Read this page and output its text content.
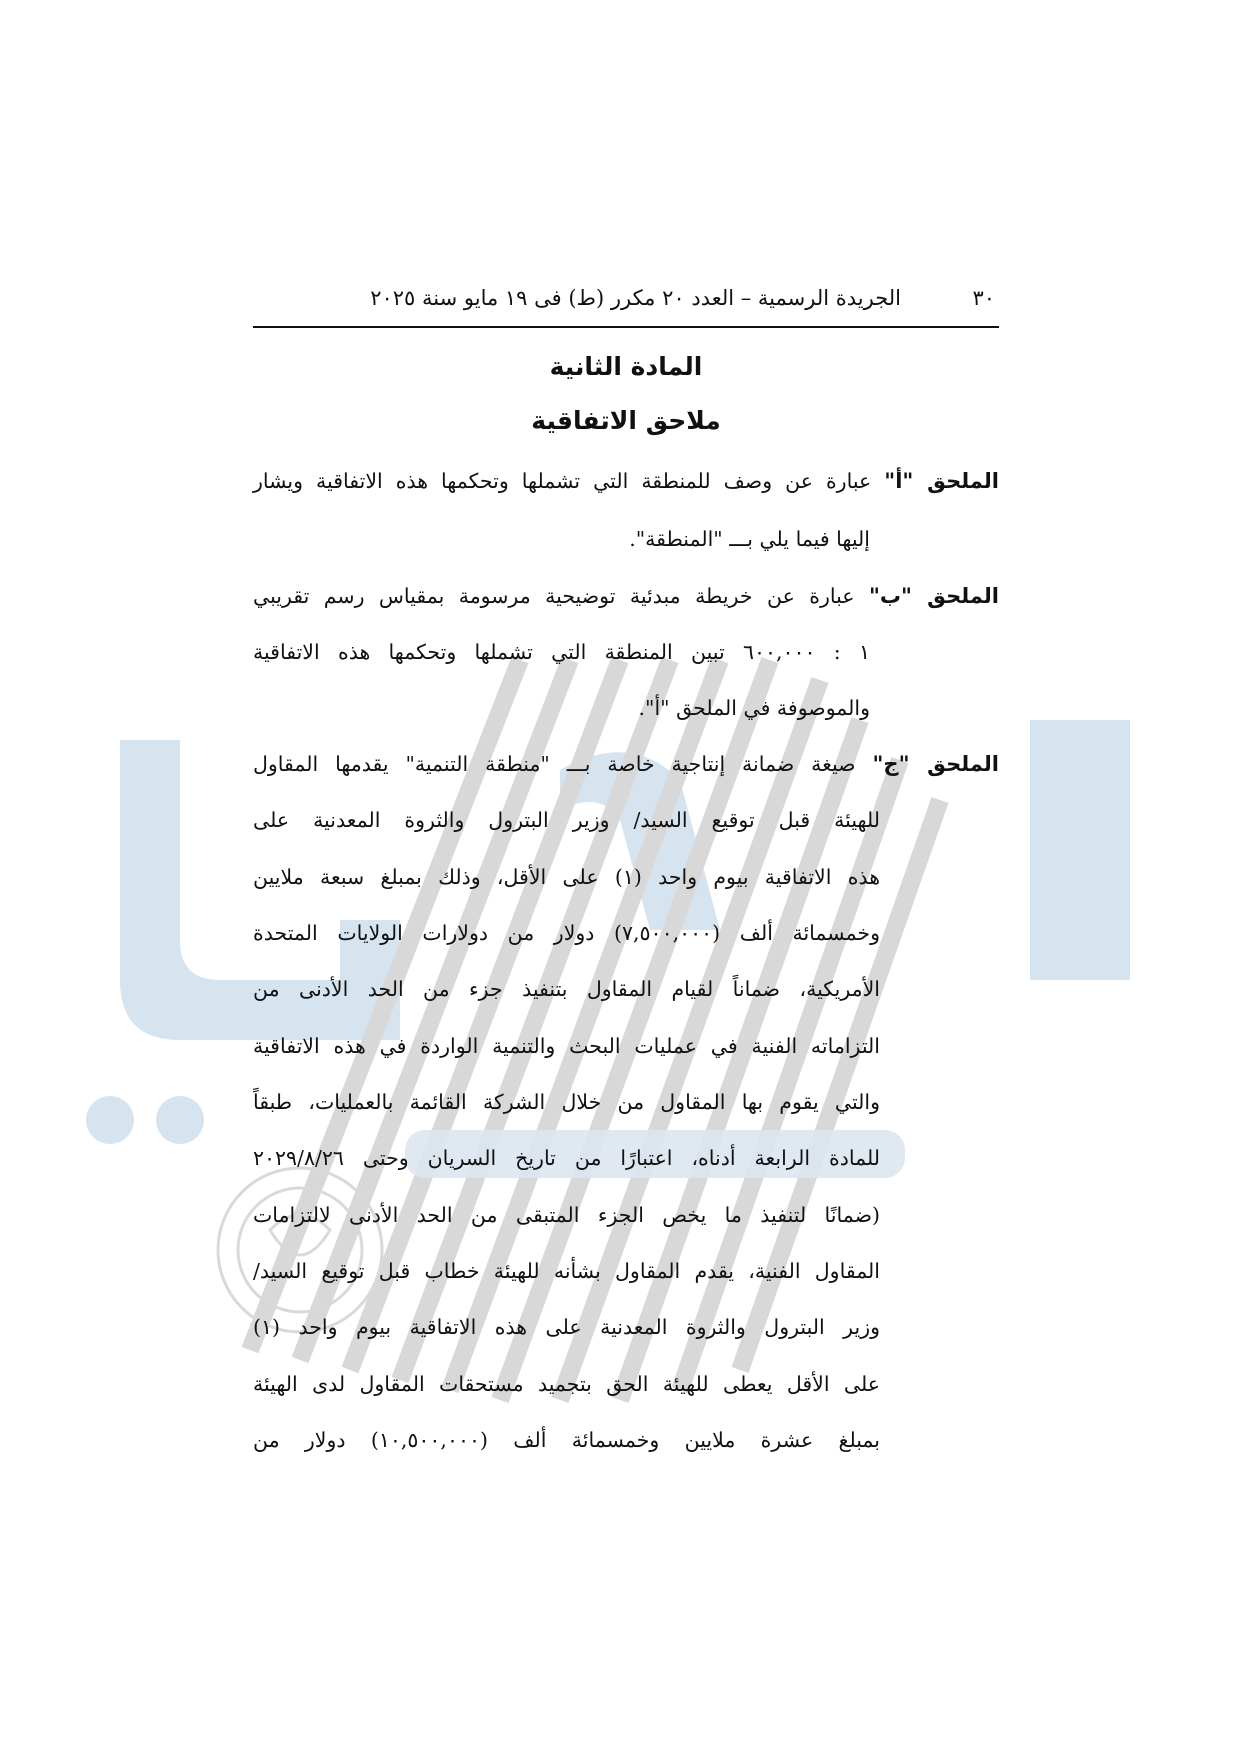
٣٠
الجريدة الرسمية – العدد ٢٠ مكرر (ط) فى ١٩ مايو سنة ٢٠٢٥
المادة الثانية
ملاحق الاتفاقية
الملحق "أ" عبارة عن وصف للمنطقة التي تشملها وتحكمها هذه الاتفاقية ويشار
إليها فيما يلي بـــ "المنطقة".
الملحق "ب" عبارة عن خريطة مبدئية توضيحية مرسومة بمقياس رسم تقريبي
١ : ٦٠٠,٠٠٠ تبين المنطقة التي تشملها وتحكمها هذه الاتفاقية
والموصوفة في الملحق "أ".
الملحق "ج" صيغة ضمانة إنتاجية خاصة بـــ "منطقة التنمية" يقدمها المقاول
للهيئة قبل توقيع السيد/ وزير البترول والثروة المعدنية على
هذه الاتفاقية بيوم واحد (١) على الأقل، وذلك بمبلغ سبعة ملايين
وخمسمائة ألف (٧,٥٠٠,٠٠٠) دولار من دولارات الولايات المتحدة
الأمريكية، ضماناً لقيام المقاول بتنفيذ جزء من الحد الأدنى من
التزاماته الفنية في عمليات البحث والتنمية الواردة في هذه الاتفاقية
والتي يقوم بها المقاول من خلال الشركة القائمة بالعمليات، طبقاً
للمادة الرابعة أدناه، اعتبارًا من تاريخ السريان وحتى ٢٠٢٩/٨/٢٦
(ضمانًا لتنفيذ ما يخص الجزء المتبقى من الحد الأدنى لالتزامات
المقاول الفنية، يقدم المقاول بشأنه للهيئة خطاب قبل توقيع السيد/
وزير البترول والثروة المعدنية على هذه الاتفاقية بيوم واحد (١)
على الأقل يعطى للهيئة الحق بتجميد مستحقات المقاول لدى الهيئة
بمبلغ عشرة ملايين وخمسمائة ألف (١٠,٥٠٠,٠٠٠) دولار من
